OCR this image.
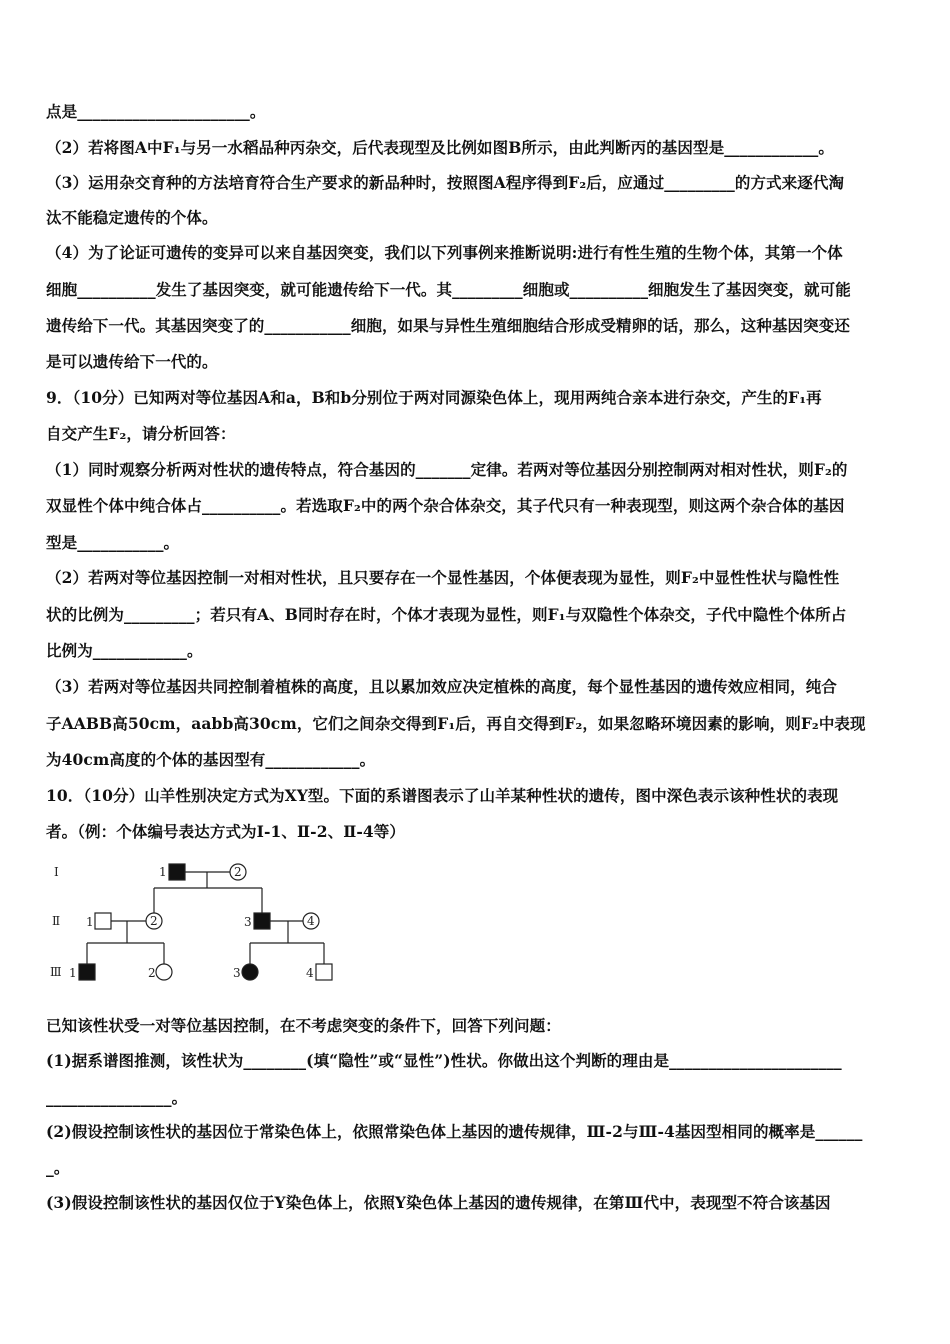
点是______________________。
（2）若将图A中F₁与另一水稻品种丙杂交，后代表现型及比例如图B所示，由此判断丙的基因型是____________。
（3）运用杂交育种的方法培育符合生产要求的新品种时，按照图A程序得到F₂后，应通过_________的方式来逐代淘
汰不能稳定遗传的个体。
（4）为了论证可遗传的变异可以来自基因突变，我们以下列事例来推断说明:进行有性生殖的生物个体，其第一个体
细胞__________发生了基因突变，就可能遗传给下一代。其_________细胞或__________细胞发生了基因突变，就可能
遗传给下一代。其基因突变了的___________细胞，如果与异性生殖细胞结合形成受精卵的话，那么，这种基因突变还
是可以遗传给下一代的。
9．（10分）已知两对等位基因A和a，B和b分别位于两对同源染色体上，现用两纯合亲本进行杂交，产生的F₁再
自交产生F₂，请分析回答：
（1）同时观察分析两对性状的遗传特点，符合基因的_______定律。若两对等位基因分别控制两对相对性状，则F₂的
双显性个体中纯合体占__________。若选取F₂中的两个杂合体杂交，其子代只有一种表现型，则这两个杂合体的基因
型是___________。
（2）若两对等位基因控制一对相对性状，且只要存在一个显性基因，个体便表现为显性，则F₂中显性性状与隐性性
状的比例为_________；若只有A、B同时存在时，个体才表现为显性，则F₁与双隐性个体杂交，子代中隐性个体所占
比例为____________。
（3）若两对等位基因共同控制着植株的高度，且以累加效应决定植株的高度，每个显性基因的遗传效应相同，纯合
子AABB高50cm，aabb高30cm，它们之间杂交得到F₁后，再自交得到F₂，如果忽略环境因素的影响，则F₂中表现
为40cm高度的个体的基因型有____________。
10．（10分）山羊性别决定方式为XY型。下面的系谱图表示了山羊某种性状的遗传，图中深色表示该种性状的表现
者。（例：个体编号表达方式为Ⅰ-1、Ⅱ-2、Ⅱ-4等）
Ⅰ
Ⅱ
Ⅲ
1	2
1	2	3	4
1	2	3	4
已知该性状受一对等位基因控制，在不考虑突变的条件下，回答下列问题：
(1)据系谱图推测，该性状为________(填“隐性”或“显性”)性状。你做出这个判断的理由是______________________
________________。
(2)假设控制该性状的基因位于常染色体上，依照常染色体上基因的遗传规律，Ⅲ-2与Ⅲ-4基因型相同的概率是______
_。
(3)假设控制该性状的基因仅位于Y染色体上，依照Y染色体上基因的遗传规律，在第Ⅲ代中，表现型不符合该基因
